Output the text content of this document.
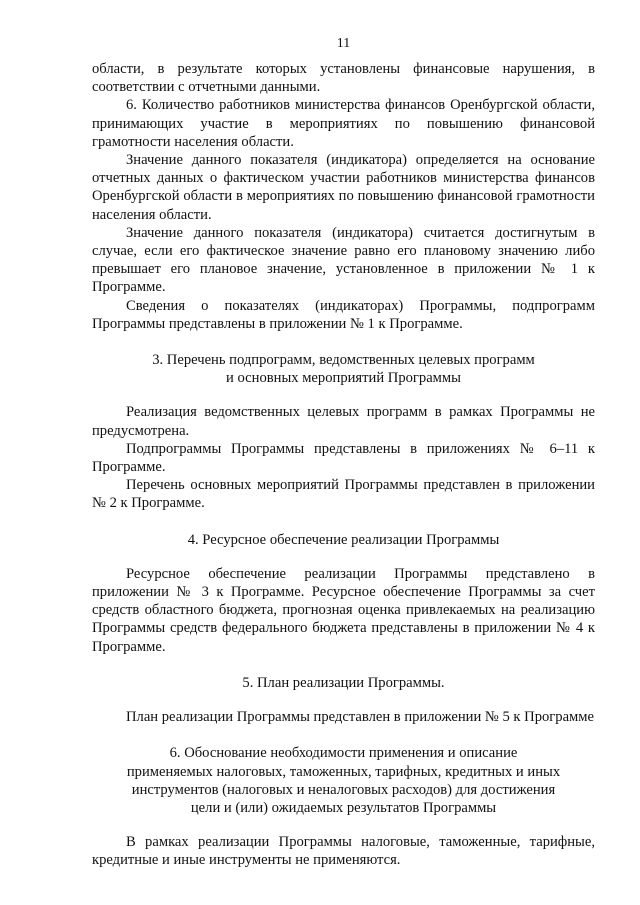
11

области, в результате которых установлены финансовые нарушения, в соответствии с отчетными данными.

6. Количество работников министерства финансов Оренбургской области, принимающих участие в мероприятиях по повышению финансовой грамотности населения области.

Значение данного показателя (индикатора) определяется на основание отчетных данных о фактическом участии работников министерства финансов Оренбургской области в мероприятиях по повышению финансовой грамотности населения области.

Значение данного показателя (индикатора) считается достигнутым в случае, если его фактическое значение равно его плановому значению либо превышает его плановое значение, установленное в приложении № 1 к Программе.

Сведения о показателях (индикаторах) Программы, подпрограмм Программы представлены в приложении № 1 к Программе.

3. Перечень подпрограмм, ведомственных целевых программ
и основных мероприятий Программы

Реализация ведомственных целевых программ в рамках Программы не предусмотрена.

Подпрограммы Программы представлены в приложениях № 6–11 к Программе.

Перечень основных мероприятий Программы представлен в приложении № 2 к Программе.

4. Ресурсное обеспечение реализации Программы

Ресурсное обеспечение реализации Программы представлено в приложении № 3 к Программе. Ресурсное обеспечение Программы за счет средств областного бюджета, прогнозная оценка привлекаемых на реализацию Программы средств федерального бюджета представлены в приложении № 4 к Программе.

5. План реализации Программы.

План реализации Программы представлен в приложении № 5 к Программе

6. Обоснование необходимости применения и описание
применяемых налоговых, таможенных, тарифных, кредитных и иных
инструментов (налоговых и неналоговых расходов) для достижения
цели и (или) ожидаемых результатов Программы

В рамках реализации Программы налоговые, таможенные, тарифные, кредитные и иные инструменты не применяются.
